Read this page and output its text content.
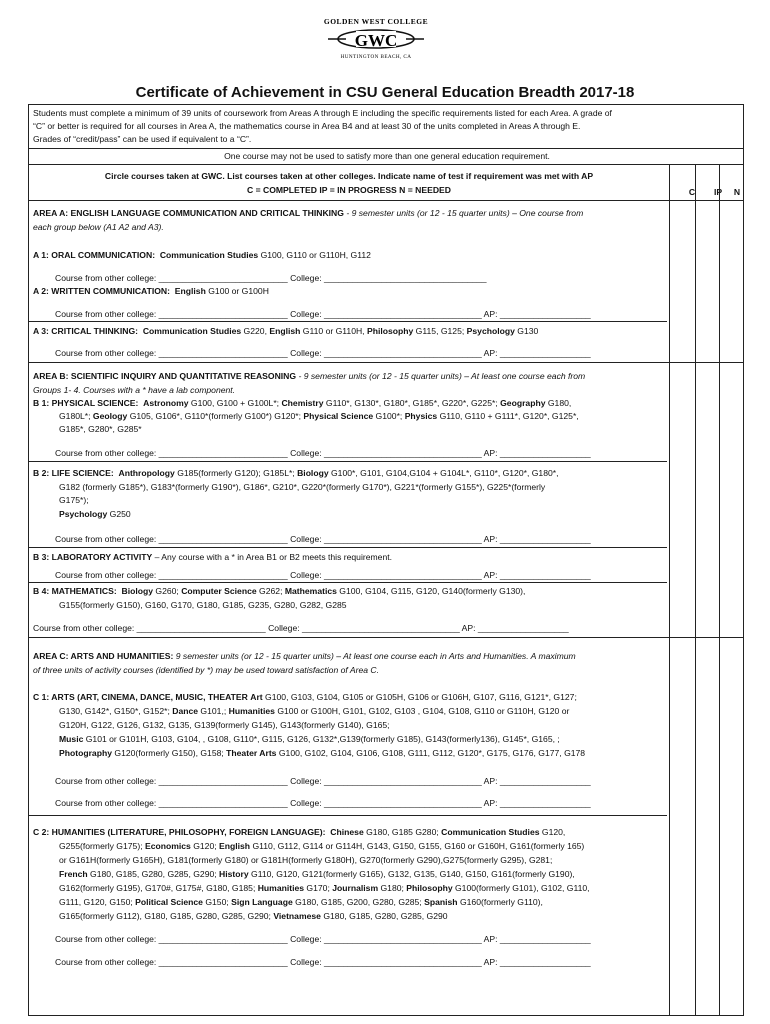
GOLDEN WEST COLLEGE
GWC
HUNTINGTON BEACH, CA
Certificate of Achievement in CSU General Education Breadth 2017-18
Students must complete a minimum of 39 units of coursework from Areas A through E including the specific requirements listed for each Area. A grade of
“C” or better is required for all courses in Area A, the mathematics course in Area B4 and at least 30 of the units completed in Areas A through E.
Grades of “credit/pass” can be used if equivalent to a “C”.
One course may not be used to satisfy more than one general education requirement.
Circle courses taken at GWC. List courses taken at other colleges. Indicate name of test if requirement was met with AP
C = COMPLETED IP = IN PROGRESS N = NEEDED	C	IP	N
AREA A: ENGLISH LANGUAGE COMMUNICATION AND CRITICAL THINKING - 9 semester units (or 12 - 15 quarter units) – One course from
each group below (A1 A2 and A3).
A 1: ORAL COMMUNICATION: Communication Studies G100, G110 or G110H, G112
Course from other college: ___________________________ College: __________________________________
A 2: WRITTEN COMMUNICATION: English G100 or G100H
Course from other college: ___________________________ College: _________________________________ AP: ___________________
A 3: CRITICAL THINKING: Communication Studies G220, English G110 or G110H, Philosophy G115, G125; Psychology G130
Course from other college: ___________________________ College: _________________________________ AP: ___________________
AREA B: SCIENTIFIC INQUIRY AND QUANTITATIVE REASONING - 9 semester units (or 12 - 15 quarter units) – At least one course each from
Groups 1- 4. Courses with a * have a lab component.
B 1: PHYSICAL SCIENCE: Astronomy G100, G100 + G100L*; Chemistry G110*, G130*, G180*, G185*, G220*, G225*; Geography G180,
G180L*; Geology G105, G106*, G110*(formerly G100*) G120*; Physical Science G100*; Physics G110, G110 + G111*, G120*, G125*,
G185*, G280*, G285*
Course from other college: ___________________________ College: _________________________________ AP: ___________________
B 2: LIFE SCIENCE: Anthropology G185(formerly G120); G185L*; Biology G100*, G101, G104,G104 + G104L*, G110*, G120*, G180*,
G182 (formerly G185*), G183*(formerly G190*), G186*, G210*, G220*(formerly G170*), G221*(formerly G155*), G225*(formerly
G175*);
Psychology G250
Course from other college: ___________________________ College: _________________________________ AP: ___________________
B 3: LABORATORY ACTIVITY – Any course with a * in Area B1 or B2 meets this requirement.
Course from other college: ___________________________ College: _________________________________ AP: ___________________
B 4: MATHEMATICS: Biology G260; Computer Science G262; Mathematics G100, G104, G115, G120, G140(formerly G130),
G155(formerly G150), G160, G170, G180, G185, G235, G280, G282, G285
Course from other college: ___________________________ College: _________________________________ AP: ___________________
AREA C: ARTS AND HUMANITIES: 9 semester units (or 12 - 15 quarter units) – At least one course each in Arts and Humanities. A maximum
of three units of activity courses (identified by *) may be used toward satisfaction of Area C.
C 1: ARTS (ART, CINEMA, DANCE, MUSIC, THEATER Art G100, G103, G104, G105 or G105H, G106 or G106H, G107, G116, G121*, G127;
G130, G142*, G150*, G152*; Dance G101,; Humanities G100 or G100H, G101, G102, G103 , G104, G108, G110 or G110H, G120 or
G120H, G122, G126, G132, G135, G139(formerly G145), G143(formerly G140), G165;
Music G101 or G101H, G103, G104, , G108, G110*, G115, G126, G132*,G139(formerly G185), G143(formerly136), G145*, G165, ;
Photography G120(formerly G150), G158; Theater Arts G100, G102, G104, G106, G108, G111, G112, G120*, G175, G176, G177, G178
Course from other college: ___________________________ College: _________________________________ AP: ___________________
Course from other college: ___________________________ College: _________________________________ AP: ___________________
C 2: HUMANITIES (LITERATURE, PHILOSOPHY, FOREIGN LANGUAGE): Chinese G180, G185 G280; Communication Studies G120,
G255(formerly G175); Economics G120; English G110, G112, G114 or G114H, G143, G150, G155, G160 or G160H, G161(formerly 165)
or G161H(formerly G165H), G181(formerly G180) or G181H(formerly G180H), G270(formerly G290),G275(formerly G295), G281;
French G180, G185, G280, G285, G290; History G110, G120, G121(formerly G165), G132, G135, G140, G150, G161(formerly G190),
G162(formerly G195), G170#, G175#, G180, G185; Humanities G170; Journalism G180; Philosophy G100(formerly G101), G102, G110,
G111, G120, G150; Political Science G150; Sign Language G180, G185, G200, G280, G285; Spanish G160(formerly G110),
G165(formerly G112), G180, G185, G280, G285, G290; Vietnamese G180, G185, G280, G285, G290
Course from other college: ___________________________ College: _________________________________ AP: ___________________
Course from other college: ___________________________ College: _________________________________ AP: ___________________
